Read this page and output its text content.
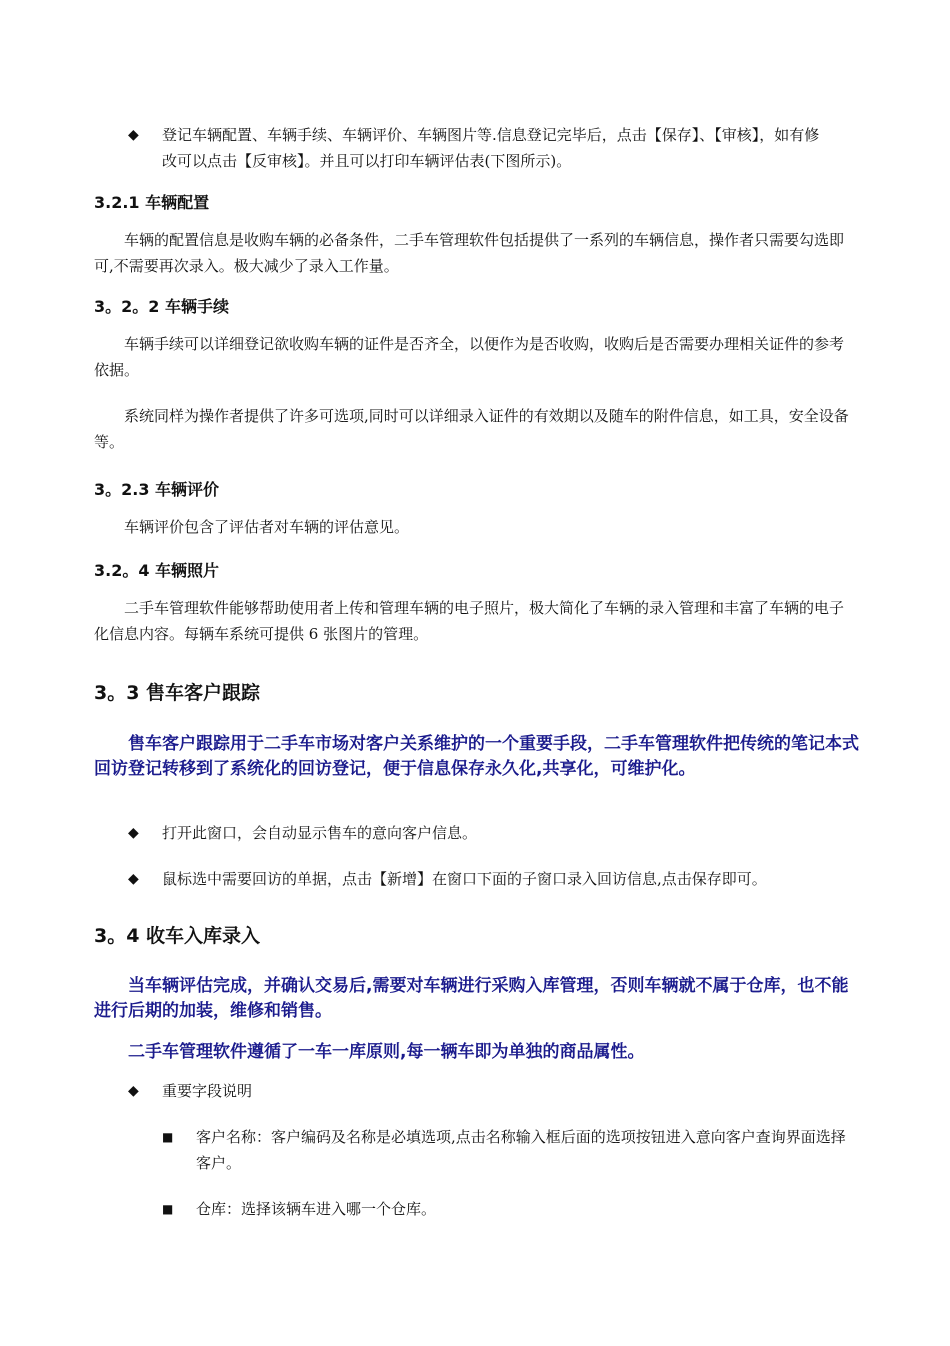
◆	登记车辆配置、车辆手续、车辆评价、车辆图片等.信息登记完毕后，点击【保存】、【审核】，如有修改可以点击【反审核】。并且可以打印车辆评估表(下图所示)。
3.2.1 车辆配置
车辆的配置信息是收购车辆的必备条件，二手车管理软件包括提供了一系列的车辆信息，操作者只需要勾选即可,不需要再次录入。极大减少了录入工作量。
3。2。2 车辆手续
车辆手续可以详细登记欲收购车辆的证件是否齐全，以便作为是否收购，收购后是否需要办理相关证件的参考依据。
系统同样为操作者提供了许多可选项,同时可以详细录入证件的有效期以及随车的附件信息，如工具，安全设备等。
3。2.3 车辆评价
车辆评价包含了评估者对车辆的评估意见。
3.2。4 车辆照片
二手车管理软件能够帮助使用者上传和管理车辆的电子照片，极大简化了车辆的录入管理和丰富了车辆的电子化信息内容。每辆车系统可提供 6 张图片的管理。
3。3 售车客户跟踪
售车客户跟踪用于二手车市场对客户关系维护的一个重要手段，二手车管理软件把传统的笔记本式回访登记转移到了系统化的回访登记，便于信息保存永久化,共享化，可维护化。
◆	打开此窗口，会自动显示售车的意向客户信息。
◆	鼠标选中需要回访的单据，点击【新增】在窗口下面的子窗口录入回访信息,点击保存即可。
3。4 收车入库录入
当车辆评估完成，并确认交易后,需要对车辆进行采购入库管理，否则车辆就不属于仓库，也不能进行后期的加装，维修和销售。
二手车管理软件遵循了一车一库原则,每一辆车即为单独的商品属性。
◆	重要字段说明
■	客户名称：客户编码及名称是必填选项,点击名称输入框后面的选项按钮进入意向客户查询界面选择客户。
■	仓库：选择该辆车进入哪一个仓库。
